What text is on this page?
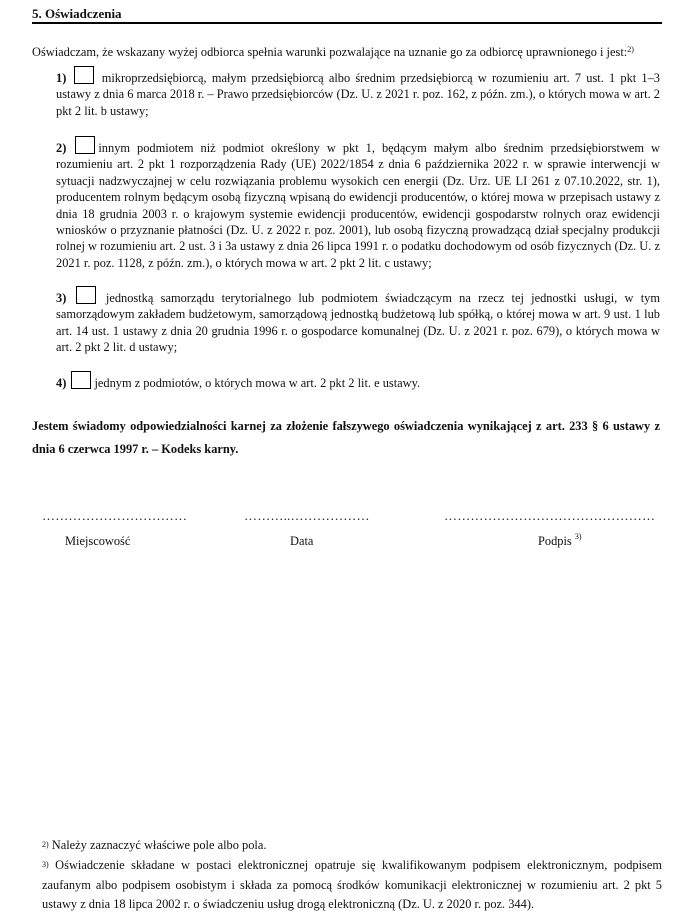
5. Oświadczenia
Oświadczam, że wskazany wyżej odbiorca spełnia warunki pozwalające na uznanie go za odbiorcę uprawnionego i jest:$^{2)}$
1)	mikroprzedsiębiorcą, małym przedsiębiorcą albo średnim przedsiębiorcą w rozumieniu art. 7 ust. 1 pkt 1–3 ustawy z dnia 6 marca 2018 r. – Prawo przedsiębiorców (Dz. U. z 2021 r. poz. 162, z późn. zm.), o których mowa w art. 2 pkt 2 lit. b ustawy;
2)	innym podmiotem niż podmiot określony w pkt 1, będącym małym albo średnim przedsiębiorstwem w rozumieniu art. 2 pkt 1 rozporządzenia Rady (UE) 2022/1854 z dnia 6 października 2022 r. w sprawie interwencji w sytuacji nadzwyczajnej w celu rozwiązania problemu wysokich cen energii (Dz. Urz. UE LI 261 z 07.10.2022, str. 1), producentem rolnym będącym osobą fizyczną wpisaną do ewidencji producentów, o której mowa w przepisach ustawy z dnia 18 grudnia 2003 r. o krajowym systemie ewidencji producentów, ewidencji gospodarstw rolnych oraz ewidencji wniosków o przyznanie płatności (Dz. U. z 2022 r. poz. 2001), lub osobą fizyczną prowadzącą dział specjalny produkcji rolnej w rozumieniu art. 2 ust. 3 i 3a ustawy z dnia 26 lipca 1991 r. o podatku dochodowym od osób fizycznych (Dz. U. z 2021 r. poz. 1128, z późn. zm.), o których mowa w art. 2 pkt 2 lit. c ustawy;
3)	jednostką samorządu terytorialnego lub podmiotem świadczącym na rzecz tej jednostki usługi, w tym samorządowym zakładem budżetowym, samorządową jednostką budżetową lub spółką, o której mowa w art. 9 ust. 1 lub art. 14 ust. 1 ustawy z dnia 20 grudnia 1996 r. o gospodarce komunalnej (Dz. U. z 2021 r. poz. 679), o których mowa w art. 2 pkt 2 lit. d ustawy;
4) jednym z podmiotów, o których mowa w art. 2 pkt 2 lit. e ustawy.
Jestem świadomy odpowiedzialności karnej za złożenie fałszywego oświadczenia wynikającej z art. 233 § 6 ustawy z dnia 6 czerwca 1997 r. – Kodeks karny.
……………………………	………..………………	…………………………………………
Miejscowość	Data	Podpis $^{3)}$
$^{2)}$ Należy zaznaczyć właściwe pole albo pola.
$^{3)}$ Oświadczenie składane w postaci elektronicznej opatruje się kwalifikowanym podpisem elektronicznym, podpisem zaufanym albo podpisem osobistym i składa za pomocą środków komunikacji elektronicznej w rozumieniu art. 2 pkt 5 ustawy z dnia 18 lipca 2002 r. o świadczeniu usług drogą elektroniczną (Dz. U. z 2020 r. poz. 344).
